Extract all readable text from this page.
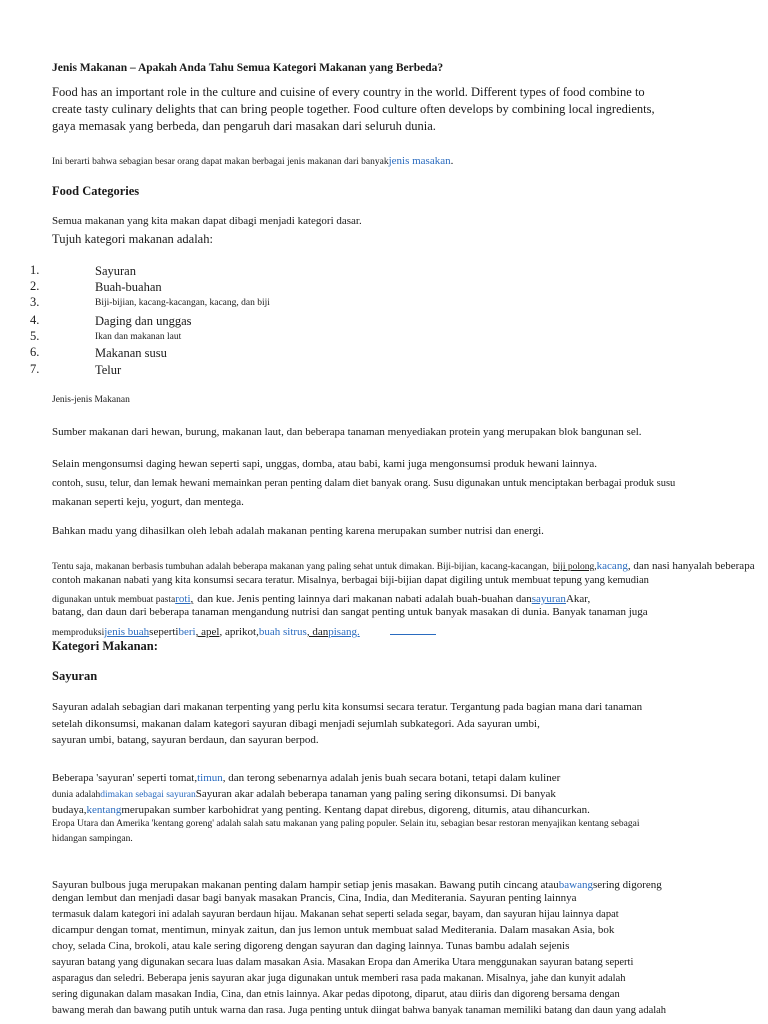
Jenis Makanan – Apakah Anda Tahu Semua Kategori Makanan yang Berbeda?
Food has an important role in the culture and cuisine of every country in the world. Different types of food combine to
create tasty culinary delights that can bring people together. Food culture often develops by combining local ingredients,
gaya memasak yang berbeda, dan pengaruh dari masakan dari seluruh dunia.
Ini berarti bahwa sebagian besar orang dapat makan berbagai jenis makanan dari banyakjenis masakan.
Food Categories
Semua makanan yang kita makan dapat dibagi menjadi kategori dasar.
Tujuh kategori makanan adalah:
1.	Sayuran
2.	Buah-buahan
3.	Biji-bijian, kacang-kacangan, kacang, dan biji
4.	Daging dan unggas
5.	Ikan dan makanan laut
6.	Makanan susu
7.	Telur
Jenis-jenis Makanan
Sumber makanan dari hewan, burung, makanan laut, dan beberapa tanaman menyediakan protein yang merupakan blok bangunan sel.
Selain mengonsumsi daging hewan seperti sapi, unggas, domba, atau babi, kami juga mengonsumsi produk hewani lainnya.
contoh, susu, telur, dan lemak hewani memainkan peran penting dalam diet banyak orang. Susu digunakan untuk menciptakan berbagai produk susu
makanan seperti keju, yogurt, dan mentega.
Bahkan madu yang dihasilkan oleh lebah adalah makanan penting karena merupakan sumber nutrisi dan energi.
Tentu saja, makanan berbasis tumbuhan adalah beberapa makanan yang paling sehat untuk dimakan. Biji-bijian, kacang-kacangan, biji polong,kacang, dan nasi hanyalah beberapa
contoh makanan nabati yang kita konsumsi secara teratur. Misalnya, berbagai biji-bijian dapat digiling untuk membuat tepung yang kemudian
digunakan untuk membuat pastaroti, dan kue. Jenis penting lainnya dari makanan nabati adalah buah-buahan dansayuranAkar,
batang, dan daun dari beberapa tanaman mengandung nutrisi dan sangat penting untuk banyak masakan di dunia. Banyak tanaman juga
memproduksijenis buahsepertiberi, apel, aprikot,buah sitrus, danpisang.
Kategori Makanan:
Sayuran
Sayuran adalah sebagian dari makanan terpenting yang perlu kita konsumsi secara teratur. Tergantung pada bagian mana dari tanaman
setelah dikonsumsi, makanan dalam kategori sayuran dibagi menjadi sejumlah subkategori. Ada sayuran umbi,
sayuran umbi, batang, sayuran berdaun, dan sayuran berpod.
Beberapa 'sayuran' seperti tomat,timun, dan terong sebenarnya adalah jenis buah secara botani, tetapi dalam kuliner
dunia adalahdimakan sebagai sayuranSayuran akar adalah beberapa tanaman yang paling sering dikonsumsi. Di banyak
budaya,kentangmerupakan sumber karbohidrat yang penting. Kentang dapat direbus, digoreng, ditumis, atau dihancurkan.
Eropa Utara dan Amerika 'kentang goreng' adalah salah satu makanan yang paling populer. Selain itu, sebagian besar restoran menyajikan kentang sebagai
hidangan sampingan.
Sayuran bulbous juga merupakan makanan penting dalam hampir setiap jenis masakan. Bawang putih cincang ataubawangsering digoreng
dengan lembut dan menjadi dasar bagi banyak masakan Prancis, Cina, India, dan Mediterania. Sayuran penting lainnya
termasuk dalam kategori ini adalah sayuran berdaun hijau. Makanan sehat seperti selada segar, bayam, dan sayuran hijau lainnya dapat
dicampur dengan tomat, mentimun, minyak zaitun, dan jus lemon untuk membuat salad Mediterania. Dalam masakan Asia, bok
choy, selada Cina, brokoli, atau kale sering digoreng dengan sayuran dan daging lainnya. Tunas bambu adalah sejenis
sayuran batang yang digunakan secara luas dalam masakan Asia. Masakan Eropa dan Amerika Utara menggunakan sayuran batang seperti
asparagus dan seledri. Beberapa jenis sayuran akar juga digunakan untuk memberi rasa pada makanan. Misalnya, jahe dan kunyit adalah
sering digunakan dalam masakan India, Cina, dan etnis lainnya. Akar pedas dipotong, diparut, atau diiris dan digoreng bersama dengan
bawang merah dan bawang putih untuk warna dan rasa. Juga penting untuk diingat bahwa banyak tanaman memiliki batang dan daun yang adalah
